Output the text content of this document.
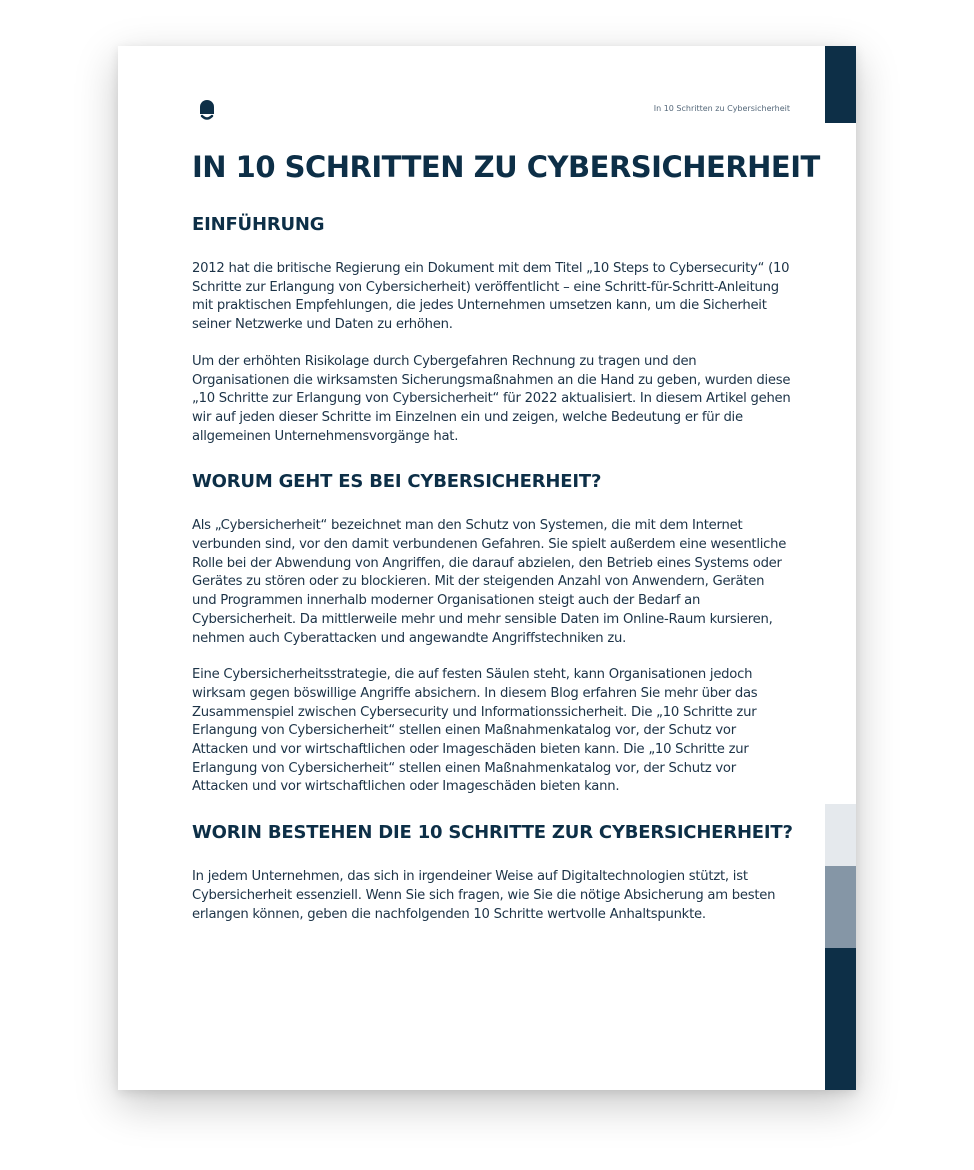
In 10 Schritten zu Cybersicherheit
IN 10 SCHRITTEN ZU CYBERSICHERHEIT
EINFÜHRUNG

2012 hat die britische Regierung ein Dokument mit dem Titel „10 Steps to Cybersecurity“ (10 Schritte zur Erlangung von Cybersicherheit) veröffentlicht – eine Schritt-für-Schritt-Anleitung mit praktischen Empfehlungen, die jedes Unternehmen umsetzen kann, um die Sicherheit seiner Netzwerke und Daten zu erhöhen.

Um der erhöhten Risikolage durch Cybergefahren Rechnung zu tragen und den Organisationen die wirksamsten Sicherungsmaßnahmen an die Hand zu geben, wurden diese „10 Schritte zur Erlangung von Cybersicherheit“ für 2022 aktualisiert. In diesem Artikel gehen wir auf jeden dieser Schritte im Einzelnen ein und zeigen, welche Bedeutung er für die allgemeinen Unternehmensvorgänge hat.

WORUM GEHT ES BEI CYBERSICHERHEIT?

Als „Cybersicherheit“ bezeichnet man den Schutz von Systemen, die mit dem Internet verbunden sind, vor den damit verbundenen Gefahren. Sie spielt außerdem eine wesentliche Rolle bei der Abwendung von Angriffen, die darauf abzielen, den Betrieb eines Systems oder Gerätes zu stören oder zu blockieren. Mit der steigenden Anzahl von Anwendern, Geräten und Programmen innerhalb moderner Organisationen steigt auch der Bedarf an Cybersicherheit. Da mittlerweile mehr und mehr sensible Daten im Online-Raum kursieren, nehmen auch Cyberattacken und angewandte Angriffstechniken zu.

Eine Cybersicherheitsstrategie, die auf festen Säulen steht, kann Organisationen jedoch wirksam gegen böswillige Angriffe absichern. In diesem Blog erfahren Sie mehr über das Zusammenspiel zwischen Cybersecurity und Informationssicherheit. Die „10 Schritte zur Erlangung von Cybersicherheit“ stellen einen Maßnahmenkatalog vor, der Schutz vor Attacken und vor wirtschaftlichen oder Imageschäden bieten kann. Die „10 Schritte zur Erlangung von Cybersicherheit“ stellen einen Maßnahmenkatalog vor, der Schutz vor Attacken und vor wirtschaftlichen oder Imageschäden bieten kann.

WORIN BESTEHEN DIE 10 SCHRITTE ZUR CYBERSICHERHEIT?

In jedem Unternehmen, das sich in irgendeiner Weise auf Digitaltechnologien stützt, ist Cybersicherheit essenziell. Wenn Sie sich fragen, wie Sie die nötige Absicherung am besten erlangen können, geben die nachfolgenden 10 Schritte wertvolle Anhaltspunkte.
